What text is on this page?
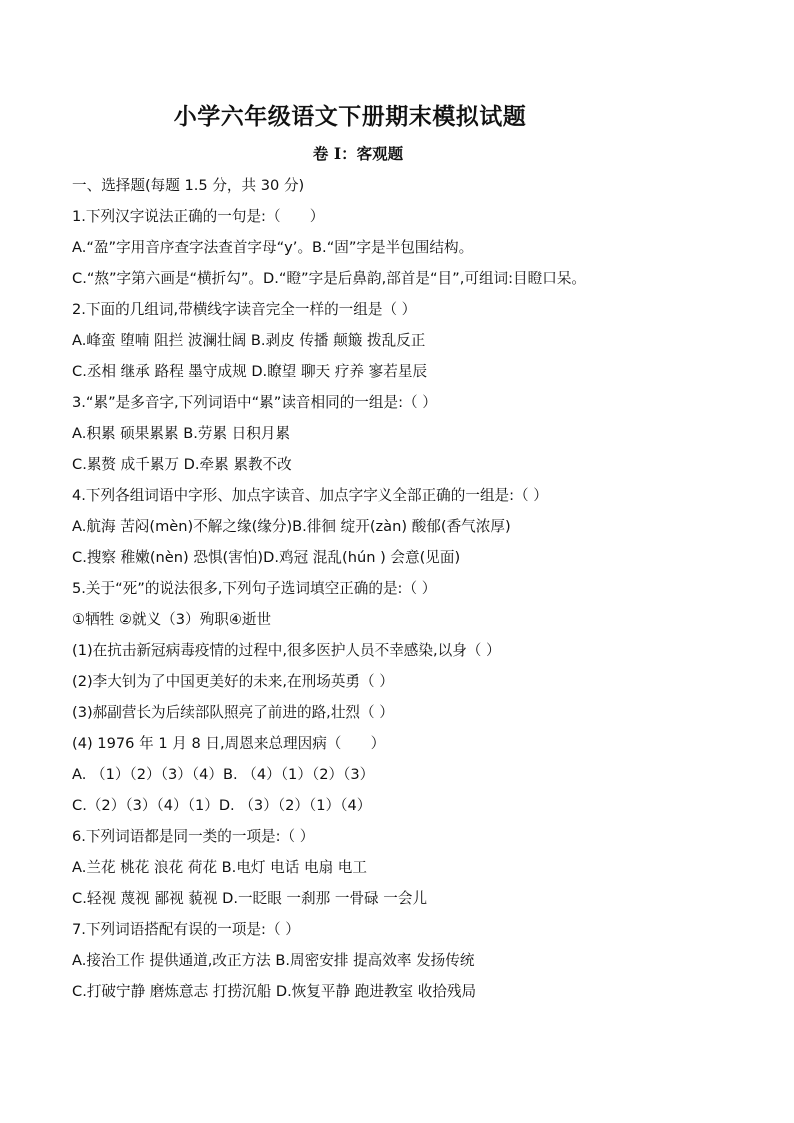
小学六年级语文下册期末模拟试题
卷 I：客观题
一、选择题(每题 1.5 分，共 30 分)
1.下列汉字说法正确的一句是:（　　）
A.“盈”字用音序查字法查首字母“y’。B.“固”字是半包围结构。
C.“熬”字第六画是“横折勾”。D.“瞪”字是后鼻韵,部首是“目”,可组词:目瞪口呆。
2.下面的几组词,带横线字读音完全一样的一组是（ ）
A.峰蛮 堕喃 阻拦 波澜壮阔 B.剥皮 传播 颠簸 拨乱反正
C.丞相 继承 路程 墨守成规 D.瞭望 聊天 疗养 寥若星辰
3.“累”是多音字,下列词语中“累”读音相同的一组是:（ ）
A.积累 硕果累累 B.劳累 日积月累
C.累赘 成千累万 D.牵累 累教不改
4.下列各组词语中字形、加点字读音、加点字字义全部正确的一组是:（ ）
A.航海 苦闷(mèn)不解之缘(缘分)B.徘徊 绽开(zàn) 酸郁(香气浓厚)
C.搜察 稚嫩(nèn) 恐惧(害怕)D.鸡冠 混乱(hún ) 会意(见面)
5.关于“死”的说法很多,下列句子选词填空正确的是:（ ）
①牺牲 ②就义（3）殉职④逝世
(1)在抗击新冠病毒疫情的过程中,很多医护人员不幸感染,以身（ ）
(2)李大钊为了中国更美好的未来,在刑场英勇（ ）
(3)郝副营长为后续部队照亮了前进的路,壮烈（ ）
(4) 1976 年 1 月 8 日,周恩来总理因病（　　）
A. （1）（2）（3）（4）B. （4）（1）（2）（3）
C.（2）（3）（4）（1）D. （3）（2）（1）（4）
6.下列词语都是同一类的一项是:（ ）
A.兰花 桃花 浪花 荷花 B.电灯 电话 电扇 电工
C.轻视 蔑视 鄙视 藐视 D.一眨眼 一刹那 一骨碌 一会儿
7.下列词语搭配有误的一项是:（ ）
A.接治工作 提供通道,改正方法 B.周密安排 提高效率 发扬传统
C.打破宁静 磨炼意志 打捞沉船 D.恢复平静 跑进教室 收拾残局
